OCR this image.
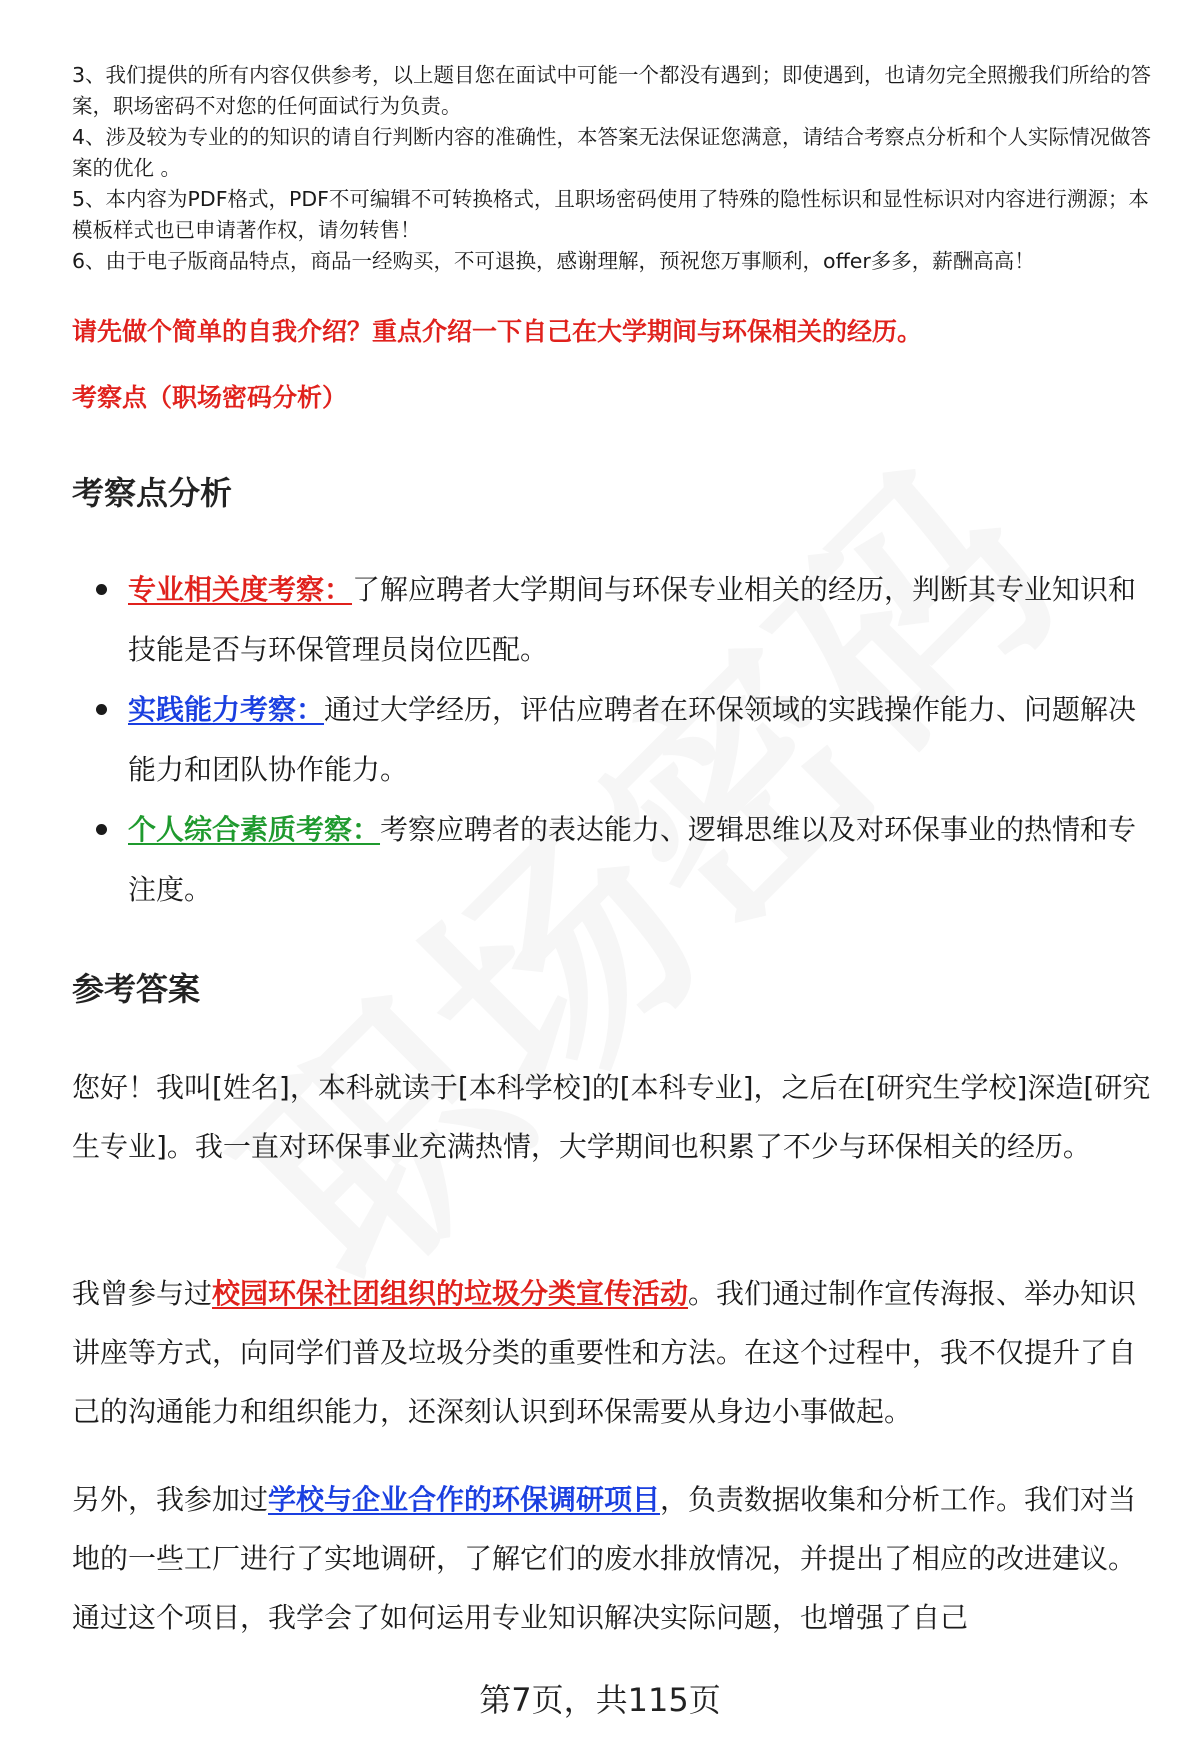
3、我们提供的所有内容仅供参考，以上题目您在面试中可能一个都没有遇到；即使遇到，也请勿完全照搬我们所给的答案，职场密码不对您的任何面试行为负责。

4、涉及较为专业的的知识的请自行判断内容的准确性，本答案无法保证您满意，请结合考察点分析和个人实际情况做答案的优化 。

5、本内容为PDF格式，PDF不可编辑不可转换格式，且职场密码使用了特殊的隐性标识和显性标识对内容进行溯源；本模板样式也已申请著作权，请勿转售！

6、由于电子版商品特点，商品一经购买，不可退换，感谢理解，预祝您万事顺利，offer多多，薪酬高高！

请先做个简单的自我介绍？重点介绍一下自己在大学期间与环保相关的经历。
考察点（职场密码分析）
考察点分析
专业相关度考察：了解应聘者大学期间与环保专业相关的经历，判断其专业知识和技能是否与环保管理员岗位匹配。
实践能力考察：通过大学经历，评估应聘者在环保领域的实践操作能力、问题解决能力和团队协作能力。
个人综合素质考察：考察应聘者的表达能力、逻辑思维以及对环保事业的热情和专注度。
参考答案

您好！我叫[姓名]，本科就读于[本科学校]的[本科专业]，之后在[研究生学校]深造[研究生专业]。我一直对环保事业充满热情，大学期间也积累了不少与环保相关的经历。

我曾参与过校园环保社团组织的垃圾分类宣传活动。我们通过制作宣传海报、举办知识讲座等方式，向同学们普及垃圾分类的重要性和方法。在这个过程中，我不仅提升了自己的沟通能力和组织能力，还深刻认识到环保需要从身边小事做起。

另外，我参加过学校与企业合作的环保调研项目，负责数据收集和分析工作。我们对当地的一些工厂进行了实地调研，了解它们的废水排放情况，并提出了相应的改进建议。通过这个项目，我学会了如何运用专业知识解决实际问题，也增强了自己

第7页，共115页
